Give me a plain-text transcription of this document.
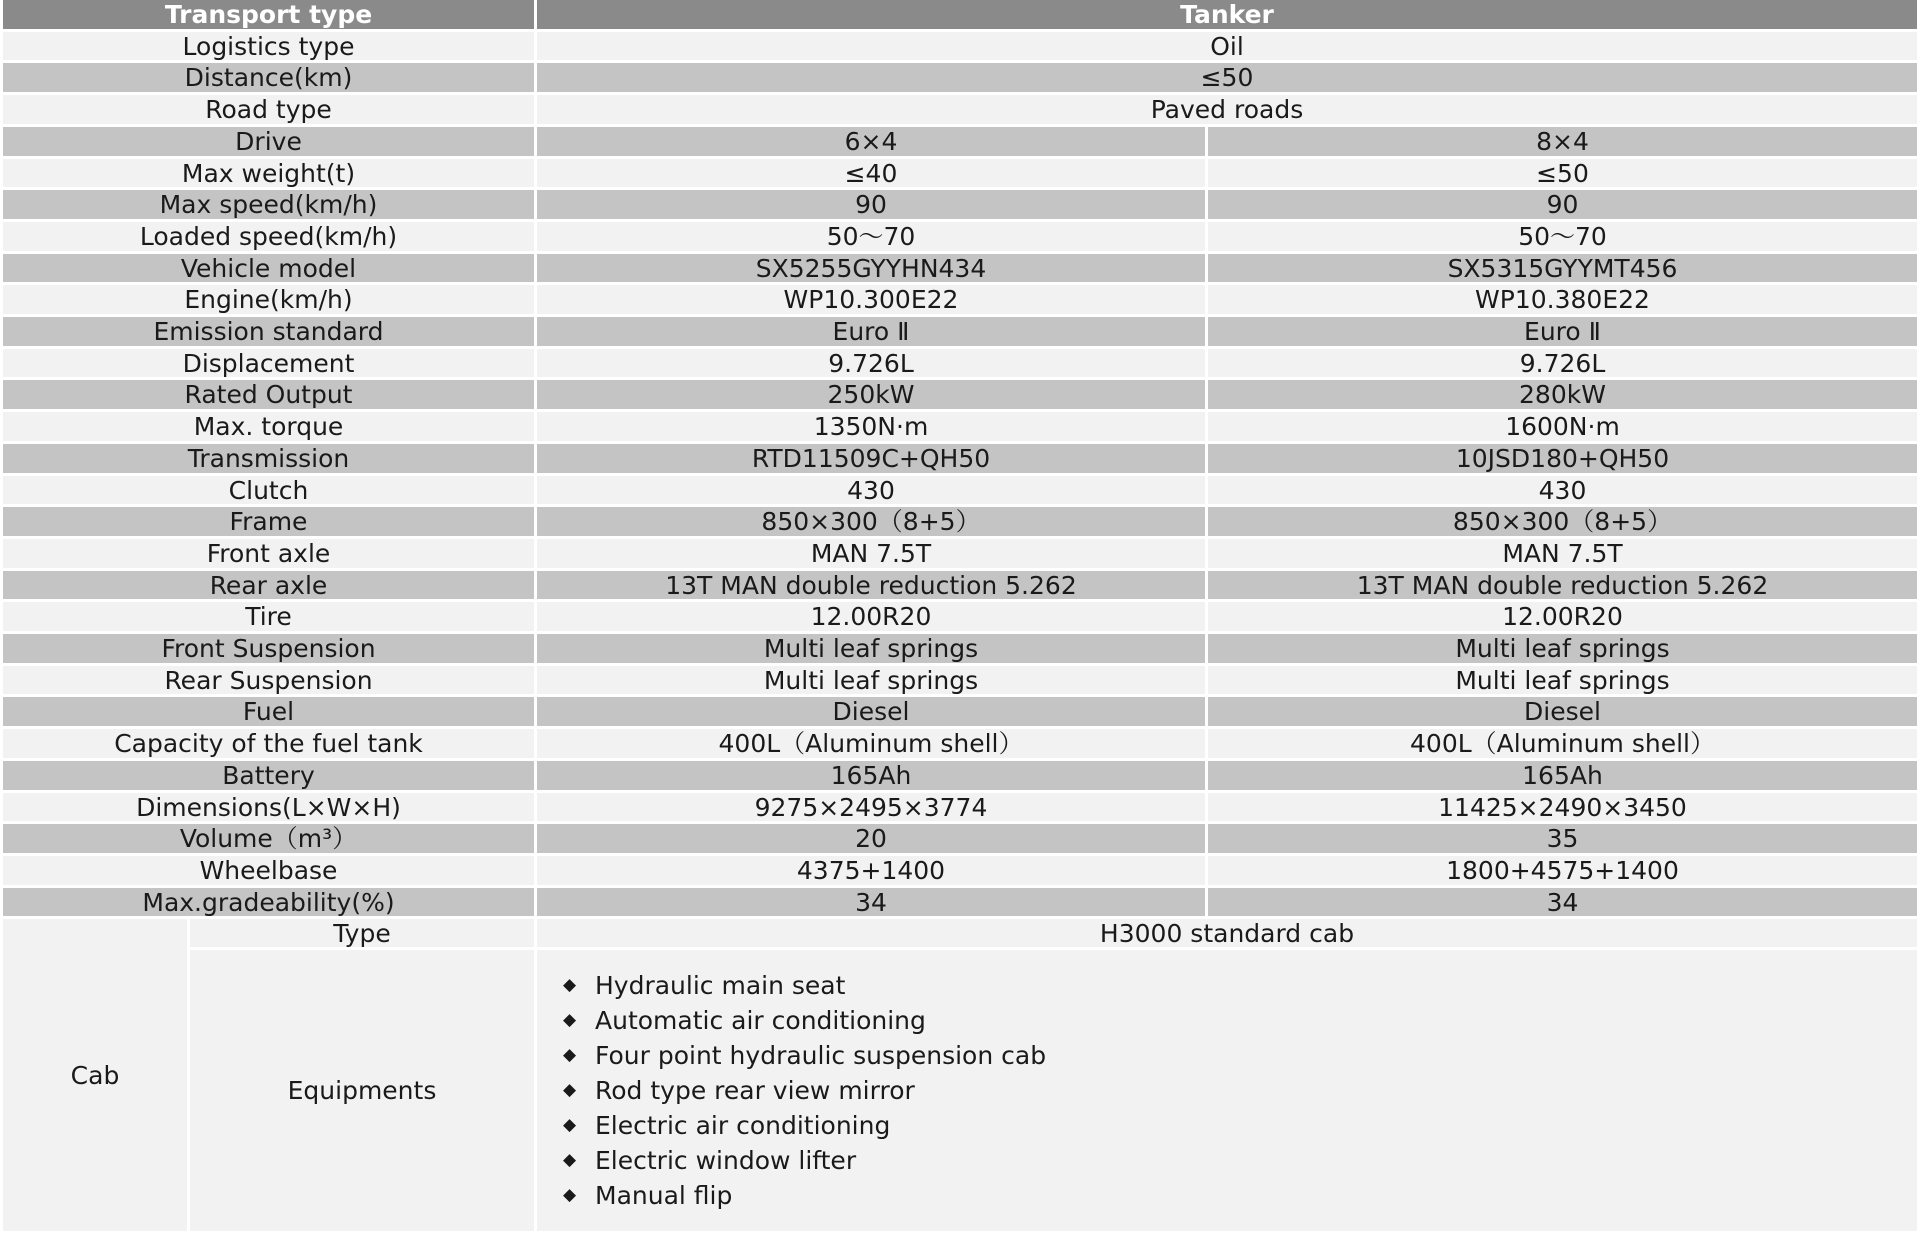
Transport type	Tanker
Logistics type	Oil
Distance(km)	≤50
Road type	Paved roads
Drive	6×4	8×4
Max weight(t)	≤40	≤50
Max speed(km/h)	90	90
Loaded speed(km/h)	50～70	50～70
Vehicle model	SX5255GYYHN434	SX5315GYYMT456
Engine(km/h)	WP10.300E22	WP10.380E22
Emission standard	Euro Ⅱ	Euro Ⅱ
Displacement	9.726L	9.726L
Rated Output	250kW	280kW
Max. torque	1350N·m	1600N·m
Transmission	RTD11509C+QH50	10JSD180+QH50
Clutch	430	430
Frame	850×300（8+5）	850×300（8+5）
Front axle	MAN 7.5T	MAN 7.5T
Rear axle	13T MAN double reduction 5.262	13T MAN double reduction 5.262
Tire	12.00R20	12.00R20
Front Suspension	Multi leaf springs	Multi leaf springs
Rear Suspension	Multi leaf springs	Multi leaf springs
Fuel	Diesel	Diesel
Capacity of the fuel tank	400L（Aluminum shell）	400L（Aluminum shell）
Battery	165Ah	165Ah
Dimensions(L×W×H)	9275×2495×3774	11425×2490×3450
Volume（m³）	20	35
Wheelbase	4375+1400	1800+4575+1400
Max.gradeability(%)	34	34
Cab
Type	H3000 standard cab
Equipments
◆ Hydraulic main seat
◆ Automatic air conditioning
◆ Four point hydraulic suspension cab
◆ Rod type rear view mirror
◆ Electric air conditioning
◆ Electric window lifter
◆ Manual flip
